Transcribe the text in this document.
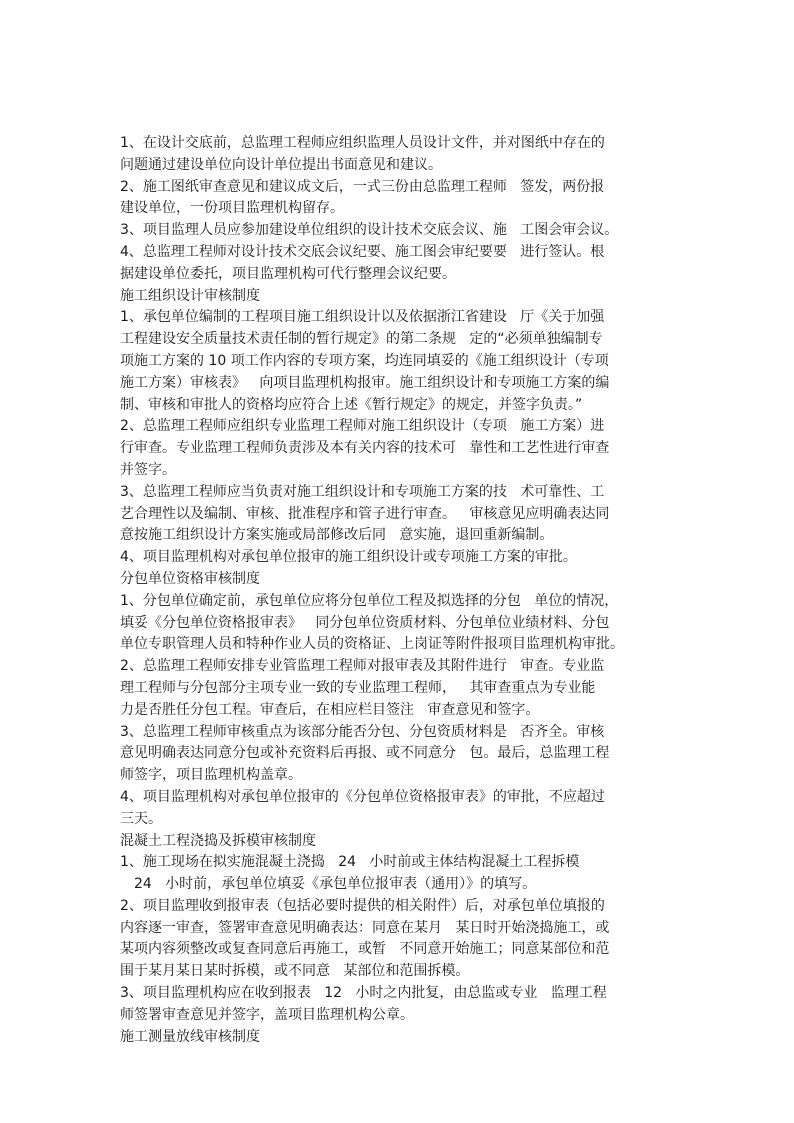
1、在设计交底前，总监理工程师应组织监理人员设计文件，并对图纸中存在的
问题通过建设单位向设计单位提出书面意见和建议。
2、施工图纸审查意见和建议成文后，一式三份由总监理工程师   签发，两份报
建设单位，一份项目监理机构留存。
3、项目监理人员应参加建设单位组织的设计技术交底会议、施   工图会审会议。
4、总监理工程师对设计技术交底会议纪要、施工图会审纪要要   进行签认。根
据建设单位委托，项目监理机构可代行整理会议纪要。
施工组织设计审核制度
1、承包单位编制的工程项目施工组织设计以及依据浙江省建设   厅《关于加强
工程建设安全质量技术责任制的暂行规定》的第二条规   定的“必须单独编制专
项施工方案的 10 项工作内容的专项方案，均连同填妥的《施工组织设计（专项
施工方案）审核表》   向项目监理机构报审。施工组织设计和专项施工方案的编
制、审核和审批人的资格均应符合上述《暂行规定》的规定，并签字负责。”
2、总监理工程师应组织专业监理工程师对施工组织设计（专项   施工方案）进
行审查。专业监理工程师负责涉及本有关内容的技术可   靠性和工艺性进行审查
并签字。
3、总监理工程师应当负责对施工组织设计和专项施工方案的技   术可靠性、工
艺合理性以及编制、审核、批准程序和管子进行审查。   审核意见应明确表达同
意按施工组织设计方案实施或局部修改后同   意实施，退回重新编制。
4、项目监理机构对承包单位报审的施工组织设计或专项施工方案的审批。
分包单位资格审核制度
1、分包单位确定前，承包单位应将分包单位工程及拟选择的分包   单位的情况，
填妥《分包单位资格报审表》   同分包单位资质材料、分包单位业绩材料、分包
单位专职管理人员和特种作业人员的资格证、上岗证等附件报项目监理机构审批。
2、总监理工程师安排专业管监理工程师对报审表及其附件进行   审查。专业监
理工程师与分包部分主项专业一致的专业监理工程师，   其审查重点为专业能
力是否胜任分包工程。审查后，在相应栏目签注   审查意见和签字。
3、总监理工程师审核重点为该部分能否分包、分包资质材料是   否齐全。审核
意见明确表达同意分包或补充资料后再报、或不同意分   包。最后，总监理工程
师签字，项目监理机构盖章。
4、项目监理机构对承包单位报审的《分包单位资格报审表》的审批，不应超过
三天。
混凝土工程浇捣及拆模审核制度
1、施工现场在拟实施混凝土浇捣   24   小时前或主体结构混凝土工程拆模
24   小时前，承包单位填妥《承包单位报审表（通用）》的填写。
2、项目监理收到报审表（包括必要时提供的相关附件）后，对承包单位填报的
内容逐一审查，签署审查意见明确表达：同意在某月   某日时开始浇捣施工，或
某项内容须整改或复查同意后再施工，或暂   不同意开始施工；同意某部位和范
围于某月某日某时拆模，或不同意   某部位和范围拆模。
3、项目监理机构应在收到报表   12   小时之内批复，由总监或专业   监理工程
师签署审查意见并签字，盖项目监理机构公章。
施工测量放线审核制度
